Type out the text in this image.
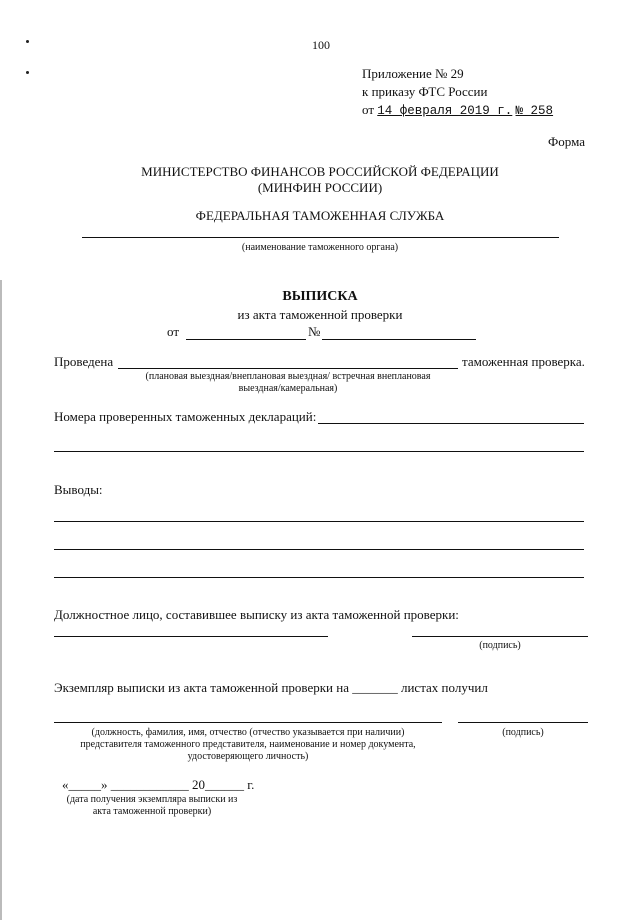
100
Приложение № 29
к приказу ФТС России
от 14 февраля 2019 г. № 258
Форма
МИНИСТЕРСТВО ФИНАНСОВ РОССИЙСКОЙ ФЕДЕРАЦИИ
(МИНФИН РОССИИ)
ФЕДЕРАЛЬНАЯ ТАМОЖЕННАЯ СЛУЖБА
(наименование таможенного органа)
ВЫПИСКА
из акта таможенной проверки
от	№
Проведена	таможенная проверка.
(плановая выездная/внеплановая выездная/ встречная внеплановая
выездная/камеральная)
Номера проверенных таможенных деклараций:
Выводы:
Должностное лицо, составившее выписку из акта таможенной проверки:
(подпись)
Экземпляр выписки из акта таможенной проверки на _______ листах получил
(должность, фамилия, имя, отчество (отчество указывается при наличии)
представителя таможенного представителя, наименование и номер документа,
удостоверяющего личность)
(подпись)
«_____» ____________ 20______ г.
(дата получения экземпляра выписки из
акта таможенной проверки)
